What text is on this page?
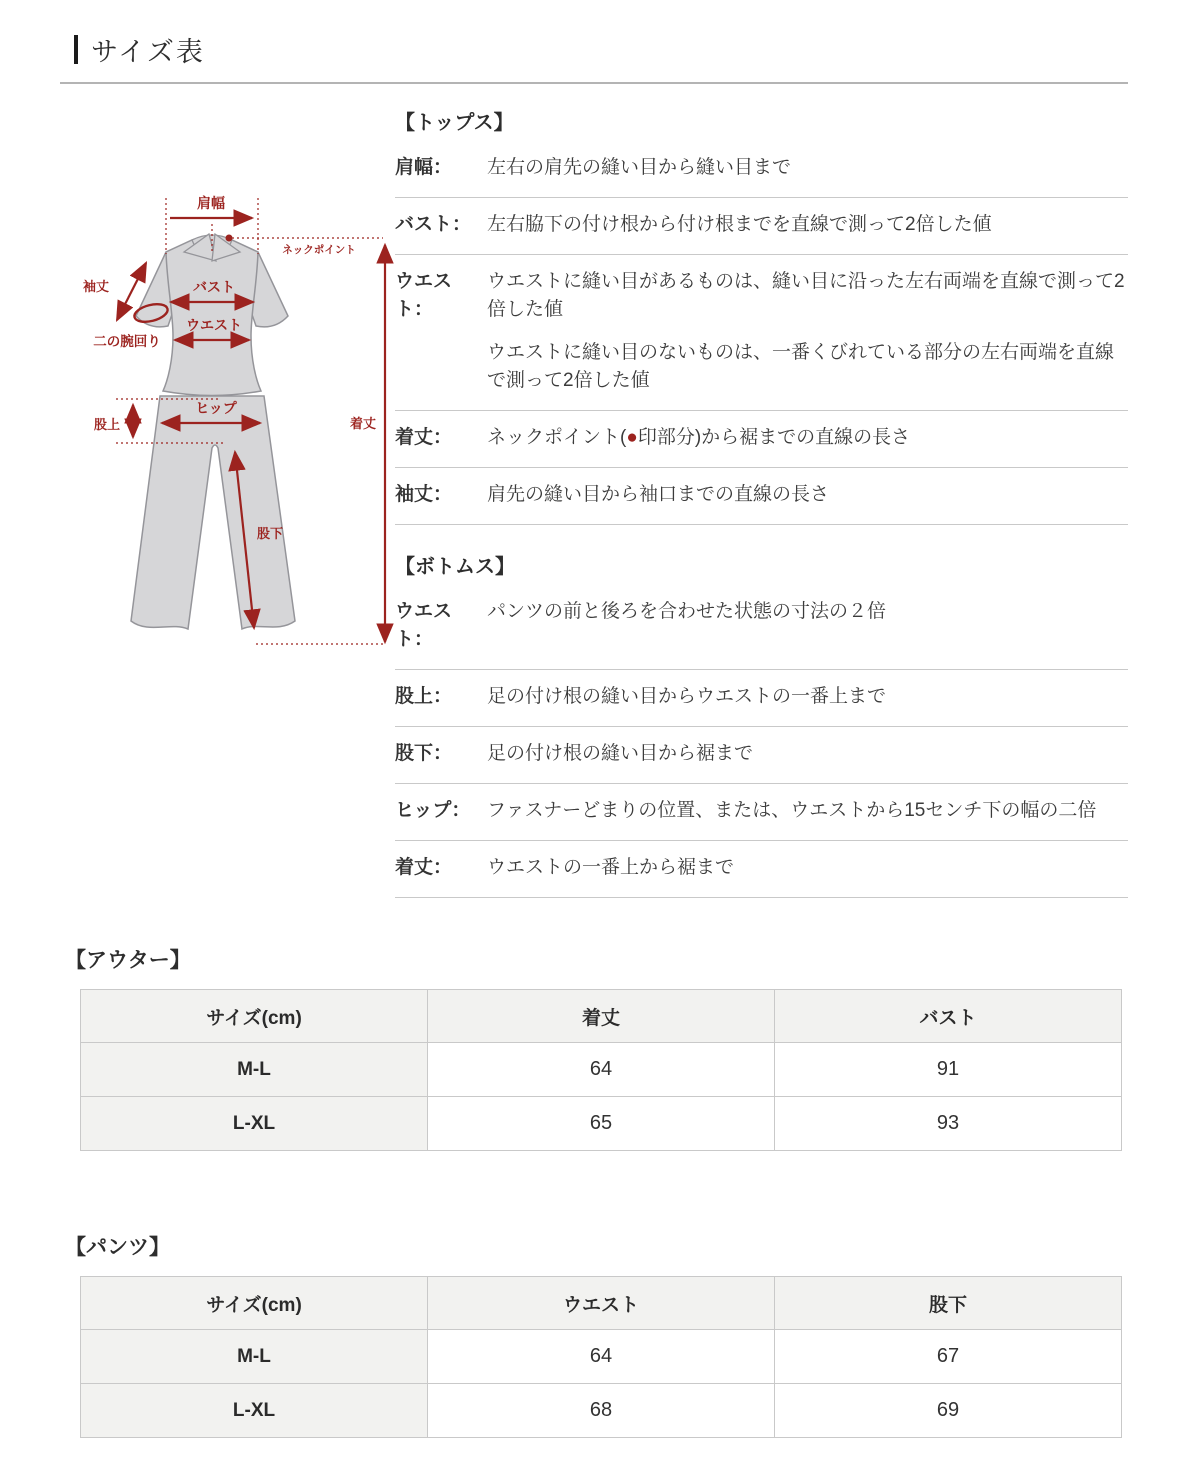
サイズ表
肩幅
ネックポイント
袖丈
二の腕回り
バスト
ウエスト
股上
ヒップ
股下
着丈
【トップス】
肩幅：	左右の肩先の縫い目から縫い目まで
バスト： 左右脇下の付け根から付け根までを直線で測って2倍した値
ウエスト：
ウエストに縫い目があるものは、縫い目に沿った左右両端を直線で測って2倍した値
ウエストに縫い目のないものは、一番くびれている部分の左右両端を直線で測って2倍した値
着丈：	ネックポイント(●印部分)から裾までの直線の長さ
袖丈：	肩先の縫い目から袖口までの直線の長さ
【ボトムス】
ウエスト：
パンツの前と後ろを合わせた状態の寸法の２倍
股上：	足の付け根の縫い目からウエストの一番上まで
股下：	足の付け根の縫い目から裾まで
ヒップ： ファスナーどまりの位置、または、ウエストから15センチ下の幅の二倍
着丈：	ウエストの一番上から裾まで
【アウター】
サイズ(cm)	着丈	バスト
M-L	64	91
L-XL	65	93
【パンツ】
サイズ(cm)	ウエスト	股下
M-L	64	67
L-XL	68	69
